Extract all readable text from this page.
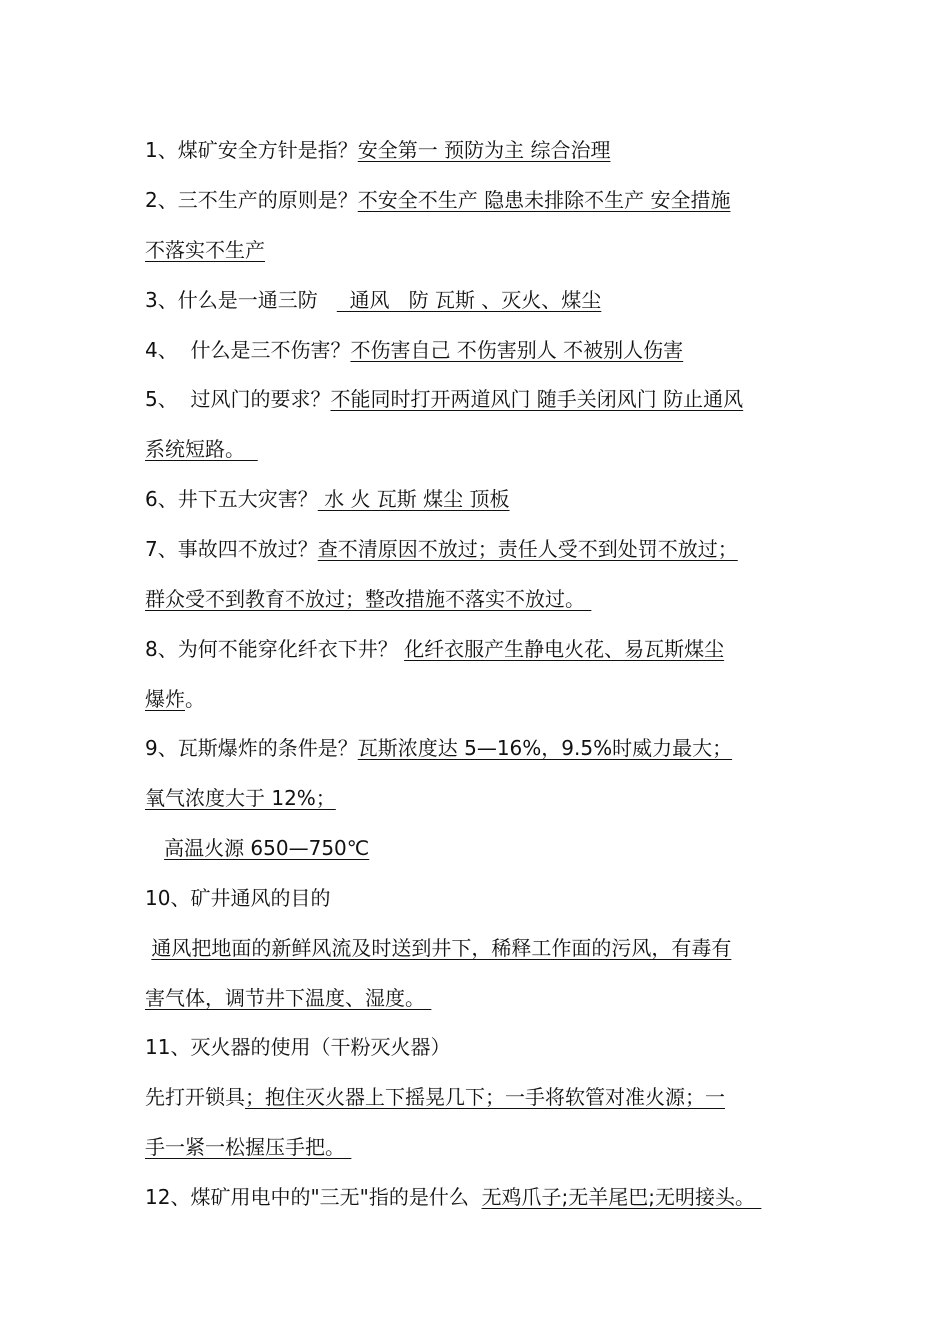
1、煤矿安全方针是指？安全第一 预防为主 综合治理
2、三不生产的原则是？不安全不生产 隐患未排除不生产 安全措施
不落实不生产
3、什么是一通三防     通风   防 瓦斯 、灭火、煤尘
4、  什么是三不伤害？不伤害自己 不伤害别人 不被别人伤害
5、  过风门的要求？不能同时打开两道风门 随手关闭风门 防止通风
系统短路。
6、井下五大灾害？ 水 火 瓦斯 煤尘 顶板
7、事故四不放过？查不清原因不放过；责任人受不到处罚不放过；
群众受不到教育不放过；整改措施不落实不放过。
8、为何不能穿化纤衣下井？ 化纤衣服产生静电火花、易瓦斯煤尘
爆炸。
9、瓦斯爆炸的条件是？瓦斯浓度达 5—16%，9.5%时威力最大；
氧气浓度大于 12%；
高温火源 650—750℃
10、矿井通风的目的
通风把地面的新鲜风流及时送到井下，稀释工作面的污风，有毒有
害气体，调节井下温度、湿度。
11、灭火器的使用（干粉灭火器）
先打开锁具；抱住灭火器上下摇晃几下；一手将软管对准火源；一
手一紧一松握压手把。
12、煤矿用电中的"三无"指的是什么  无鸡爪子;无羊尾巴;无明接头。
